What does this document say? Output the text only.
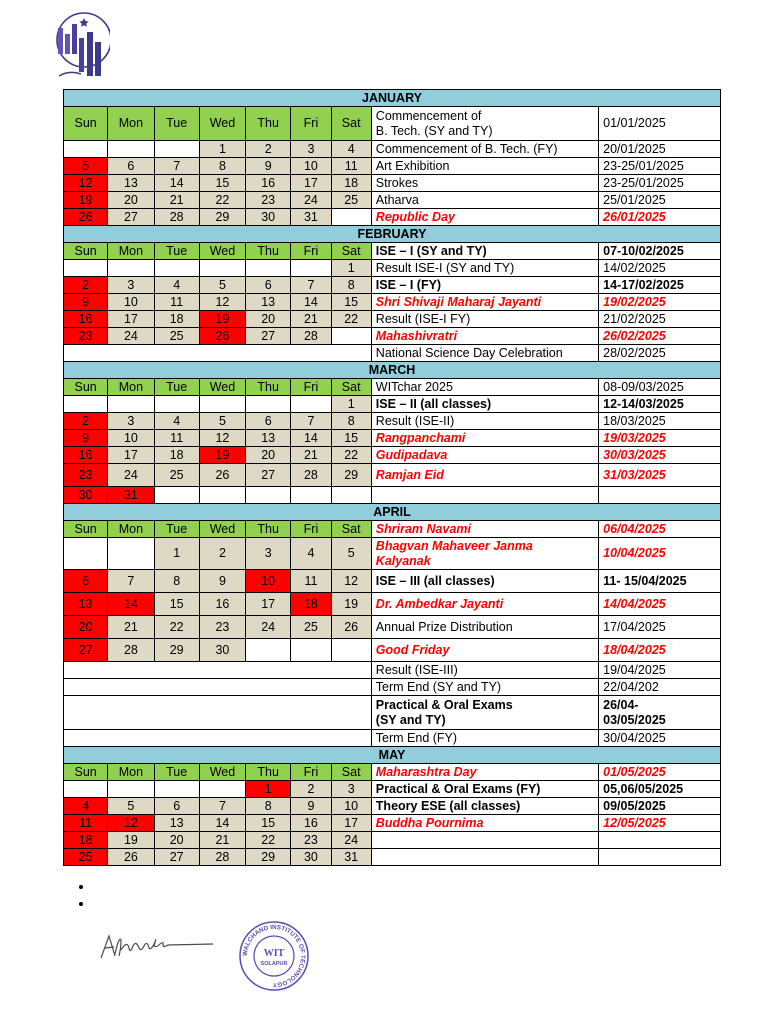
JANUARY								
Sun	Mon	Tue	Wed	Thu	Fri	Sat	Commencement of
B. Tech. (SY and TY)	01/01/2025
			1	2	3	4	Commencement of B. Tech. (FY)	20/01/2025
5	6	7	8	9	10	11	Art Exhibition	23-25/01/2025
12	13	14	15	16	17	18	Strokes	23-25/01/2025
19	20	21	22	23	24	25	Atharva	25/01/2025
26	27	28	29	30	31		Republic Day	26/01/2025
FEBRUARY								
Sun	Mon	Tue	Wed	Thu	Fri	Sat	ISE – I (SY and TY)	07-10/02/2025
						1	Result ISE-I (SY and TY)	14/02/2025
2	3	4	5	6	7	8	ISE – I (FY)	14-17/02/2025
9	10	11	12	13	14	15	Shri Shivaji Maharaj Jayanti	19/02/2025
16	17	18	19	20	21	22	Result (ISE-I FY)	21/02/2025
23	24	25	26	27	28		Mahashivratri	26/02/2025
							National Science Day Celebration	28/02/2025
MARCH								
Sun	Mon	Tue	Wed	Thu	Fri	Sat	WITchar 2025	08-09/03/2025
						1	ISE – II (all classes)	12-14/03/2025
2	3	4	5	6	7	8	Result (ISE-II)	18/03/2025
9	10	11	12	13	14	15	Rangpanchami	19/03/2025
16	17	18	19	20	21	22	Gudipadava	30/03/2025
23	24	25	26	27	28	29	Ramjan Eid	31/03/2025
30	31							
APRIL								
Sun	Mon	Tue	Wed	Thu	Fri	Sat	Shriram Navami	06/04/2025
		1	2	3	4	5	Bhagvan Mahaveer Janma
Kalyanak	10/04/2025
6	7	8	9	10	11	12	ISE – III (all classes)	11- 15/04/2025
13	14	15	16	17	18	19	Dr. Ambedkar Jayanti	14/04/2025
20	21	22	23	24	25	26	Annual Prize Distribution	17/04/2025
27	28	29	30				Good Friday	18/04/2025
							Result (ISE-III)	19/04/2025
							Term End (SY and TY)	22/04/202
							Practical & Oral Exams
(SY and TY)	26/04-
03/05/2025
							Term End (FY)	30/04/2025
MAY								
Sun	Mon	Tue	Wed	Thu	Fri	Sat	Maharashtra Day	01/05/2025
				1	2	3	Practical & Oral Exams (FY)	05,06/05/2025
4	5	6	7	8	9	10	Theory ESE (all classes)	09/05/2025
11	12	13	14	15	16	17	Buddha Pournima	12/05/2025
18	19	20	21	22	23	24		
25	26	27	28	29	30	31		
WALCHAND INSTITUTE OF TECHNOLOGY
WIT
SOLAPUR
